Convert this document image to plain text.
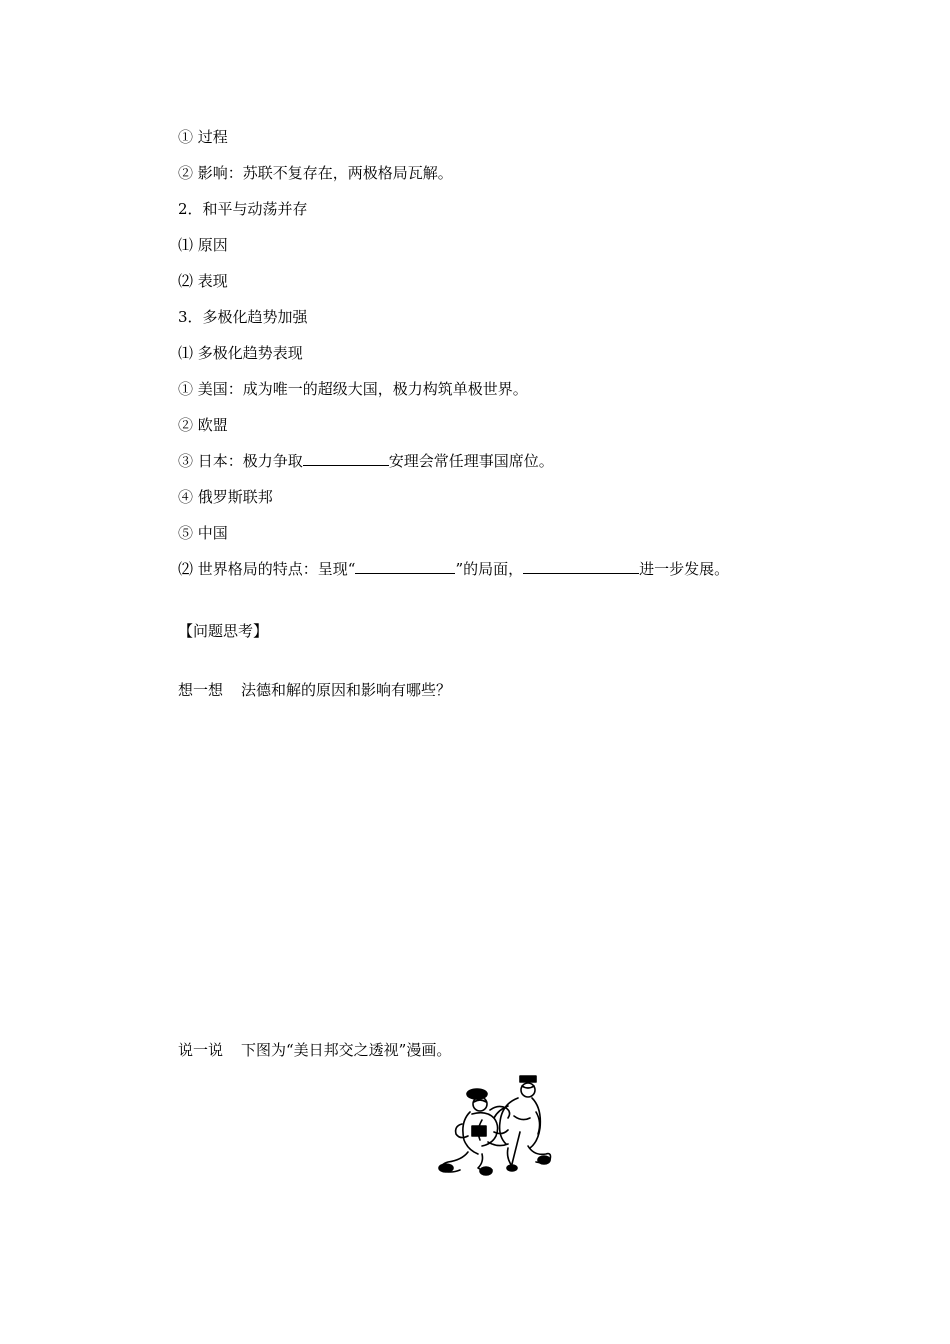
① 过程
② 影响：苏联不复存在，两极格局瓦解。
2．和平与动荡并存
⑴ 原因
⑵ 表现
3．多极化趋势加强
⑴ 多极化趋势表现
① 美国：成为唯一的超级大国，极力构筑单极世界。
② 欧盟
③ 日本：极力争取	安理会常任理事国席位。
④ 俄罗斯联邦
⑤ 中国
⑵ 世界格局的特点：呈现“	”的局面，	进一步发展。
【问题思考】
想一想 法德和解的原因和影响有哪些？
说一说 下图为“美日邦交之透视”漫画。
